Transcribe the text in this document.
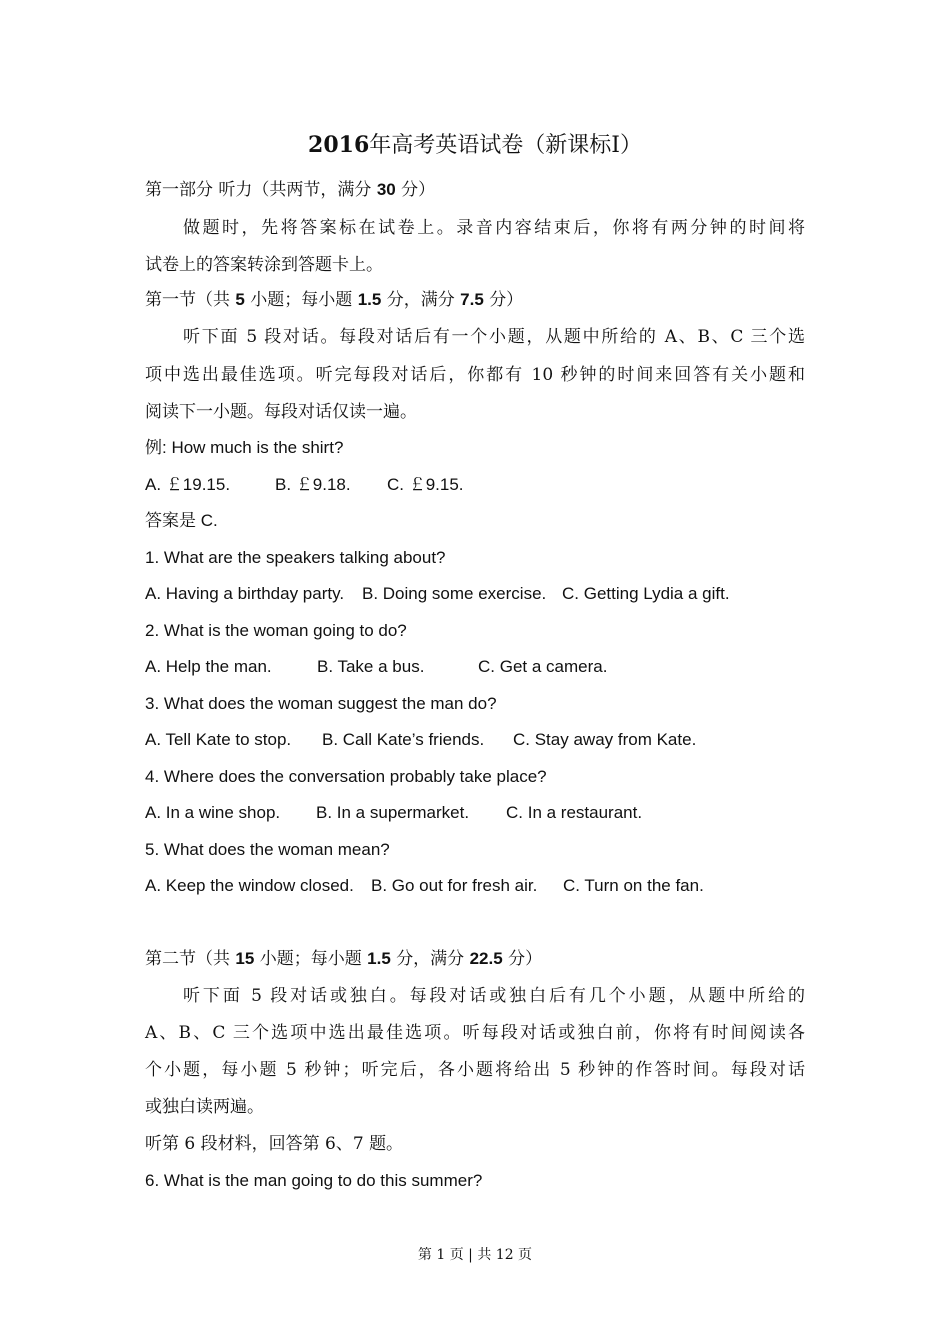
2016年高考英语试卷（新课标Ⅰ）
第一部分 听力（共两节，满分 30 分）
做题时，先将答案标在试卷上。录音内容结束后，你将有两分钟的时间将
试卷上的答案转涂到答题卡上。
第一节（共 5 小题；每小题 1.5 分，满分 7.5 分）
听下面 5 段对话。每段对话后有一个小题，从题中所给的 A、B、C 三个选
项中选出最佳选项。听完每段对话后，你都有 10 秒钟的时间来回答有关小题和
阅读下一小题。每段对话仅读一遍。
例: How much is the shirt?
A. ￡19.15.	B. ￡9.18. C. ￡9.15.
答案是 C.
1. What are the speakers talking about?
A. Having a birthday party. B. Doing some exercise. C. Getting Lydia a gift.
2. What is the woman going to do?
A. Help the man.	B. Take a bus.	C. Get a camera.
3. What does the woman suggest the man do?
A. Tell Kate to stop. B. Call Kate’s friends. C. Stay away from Kate.
4. Where does the conversation probably take place?
A. In a wine shop. B. In a supermarket. C. In a restaurant.
5. What does the woman mean?
A. Keep the window closed. B. Go out for fresh air. C. Turn on the fan.
第二节（共 15 小题；每小题 1.5 分，满分 22.5 分）
听下面 5 段对话或独白。每段对话或独白后有几个小题，从题中所给的
A、B、C 三个选项中选出最佳选项。听每段对话或独白前，你将有时间阅读各
个小题，每小题 5 秒钟；听完后，各小题将给出 5 秒钟的作答时间。每段对话
或独白读两遍。
听第 6 段材料，回答第 6、7 题。
6. What is the man going to do this summer?
第 1 页 | 共 12 页
